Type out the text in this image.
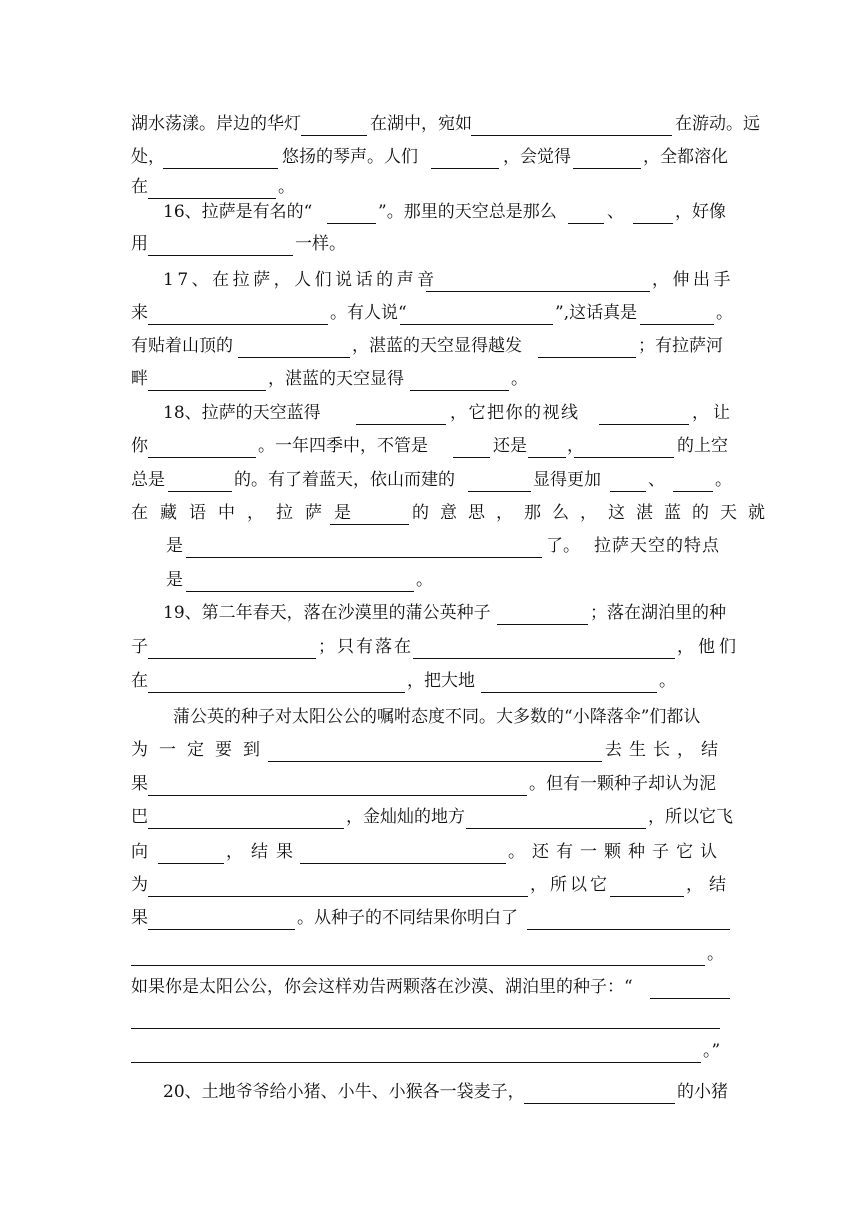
湖水荡漾。岸边的华灯	在湖中，宛如	在游动。远
处，	悠扬的琴声。人们	，会觉得	，全都溶化
在	。
16、拉萨是有名的“	”。那里的天空总是那么	、	，好像
用	一样。
17、在拉萨，人们说话的声音	，伸出手
来	。有人说“	”,这话真是	。
有贴着山顶的	，湛蓝的天空显得越发	；有拉萨河
畔	，湛蓝的天空显得	。
18、拉萨的天空蓝得	，它把你的视线	，让
你	。一年四季中，不管是	还是 ，	的上空
总是	的。有了着蓝天，依山而建的	显得更加	、	。
在藏语中，拉萨是	的意思，那么，这湛蓝的天就
是	了。 拉萨天空的特点
是	。
19、第二年春天，落在沙漠里的蒲公英种子	；落在湖泊里的种
子	；只有落在	，他们
在	，把大地	。
蒲公英的种子对太阳公公的嘱咐态度不同。大多数的“小降落伞”们都认
为一定要到	去生长，结
果	。但有一颗种子却认为泥
巴	，金灿灿的地方	，所以它飞
向	，结果	。还有一颗种子它认
为	，所以它	，结
果	。从种子的不同结果你明白了
。
如果你是太阳公公，你会这样劝告两颗落在沙漠、湖泊里的种子：“
。”
20、土地爷爷给小猪、小牛、小猴各一袋麦子，	的小猪
